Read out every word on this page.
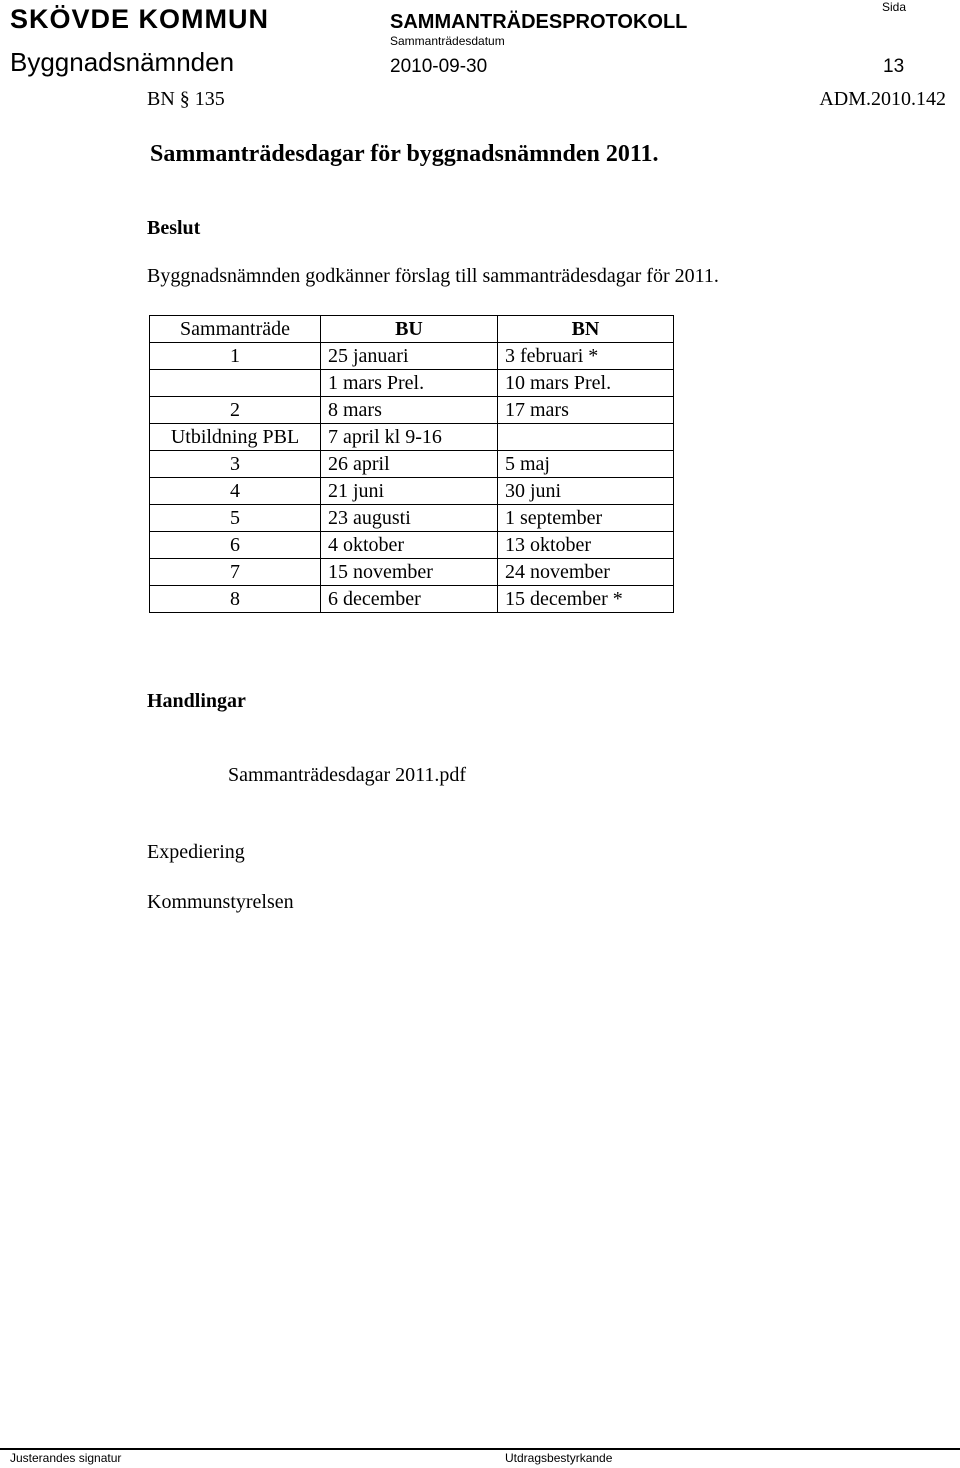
SKÖVDE KOMMUN	SAMMANTRÄDESPROTOKOLL
Sammanträdesdatum
Sida
Byggnadsnämnden	2010-09-30	13
BN § 135	ADM.2010.142
Sammanträdesdagar för byggnadsnämnden 2011.
Beslut
Byggnadsnämnden godkänner förslag till sammanträdesdagar för 2011.
Sammanträde	BU	BN
1	25 januari	3 februari *
	1 mars Prel.	10 mars Prel.
2	8 mars	17 mars
Utbildning PBL	7 april kl 9-16	
3	26 april	5 maj
4	21 juni	30 juni
5	23 augusti	1 september
6	4 oktober	13 oktober
7	15 november	24 november
8	6 december	15 december *
Handlingar
Sammanträdesdagar 2011.pdf
Expediering
Kommunstyrelsen
Justerandes signatur	Utdragsbestyrkande
